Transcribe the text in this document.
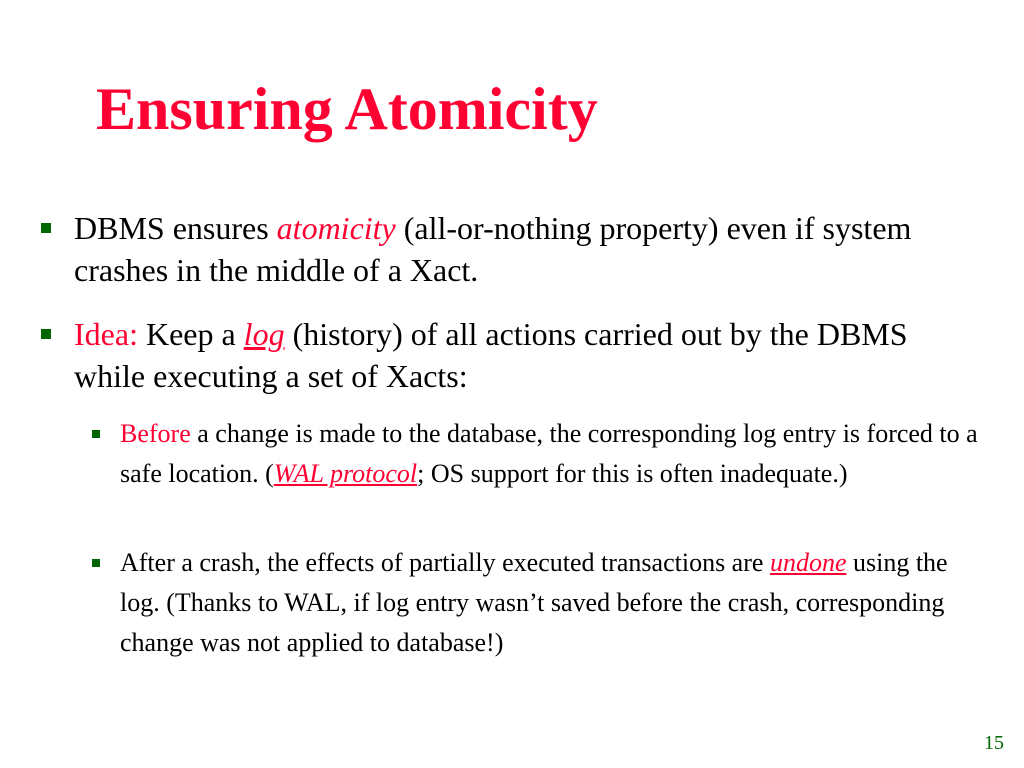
Ensuring Atomicity
DBMS ensures atomicity (all-or-nothing property) even if system crashes in the middle of a Xact.
Idea: Keep a log (history) of all actions carried out by the DBMS while executing a set of Xacts:
Before a change is made to the database, the corresponding log entry is forced to a safe location. (WAL protocol; OS support for this is often inadequate.)
After a crash, the effects of partially executed transactions are undone using the log. (Thanks to WAL, if log entry wasn’t saved before the crash, corresponding change was not applied to database!)
15
